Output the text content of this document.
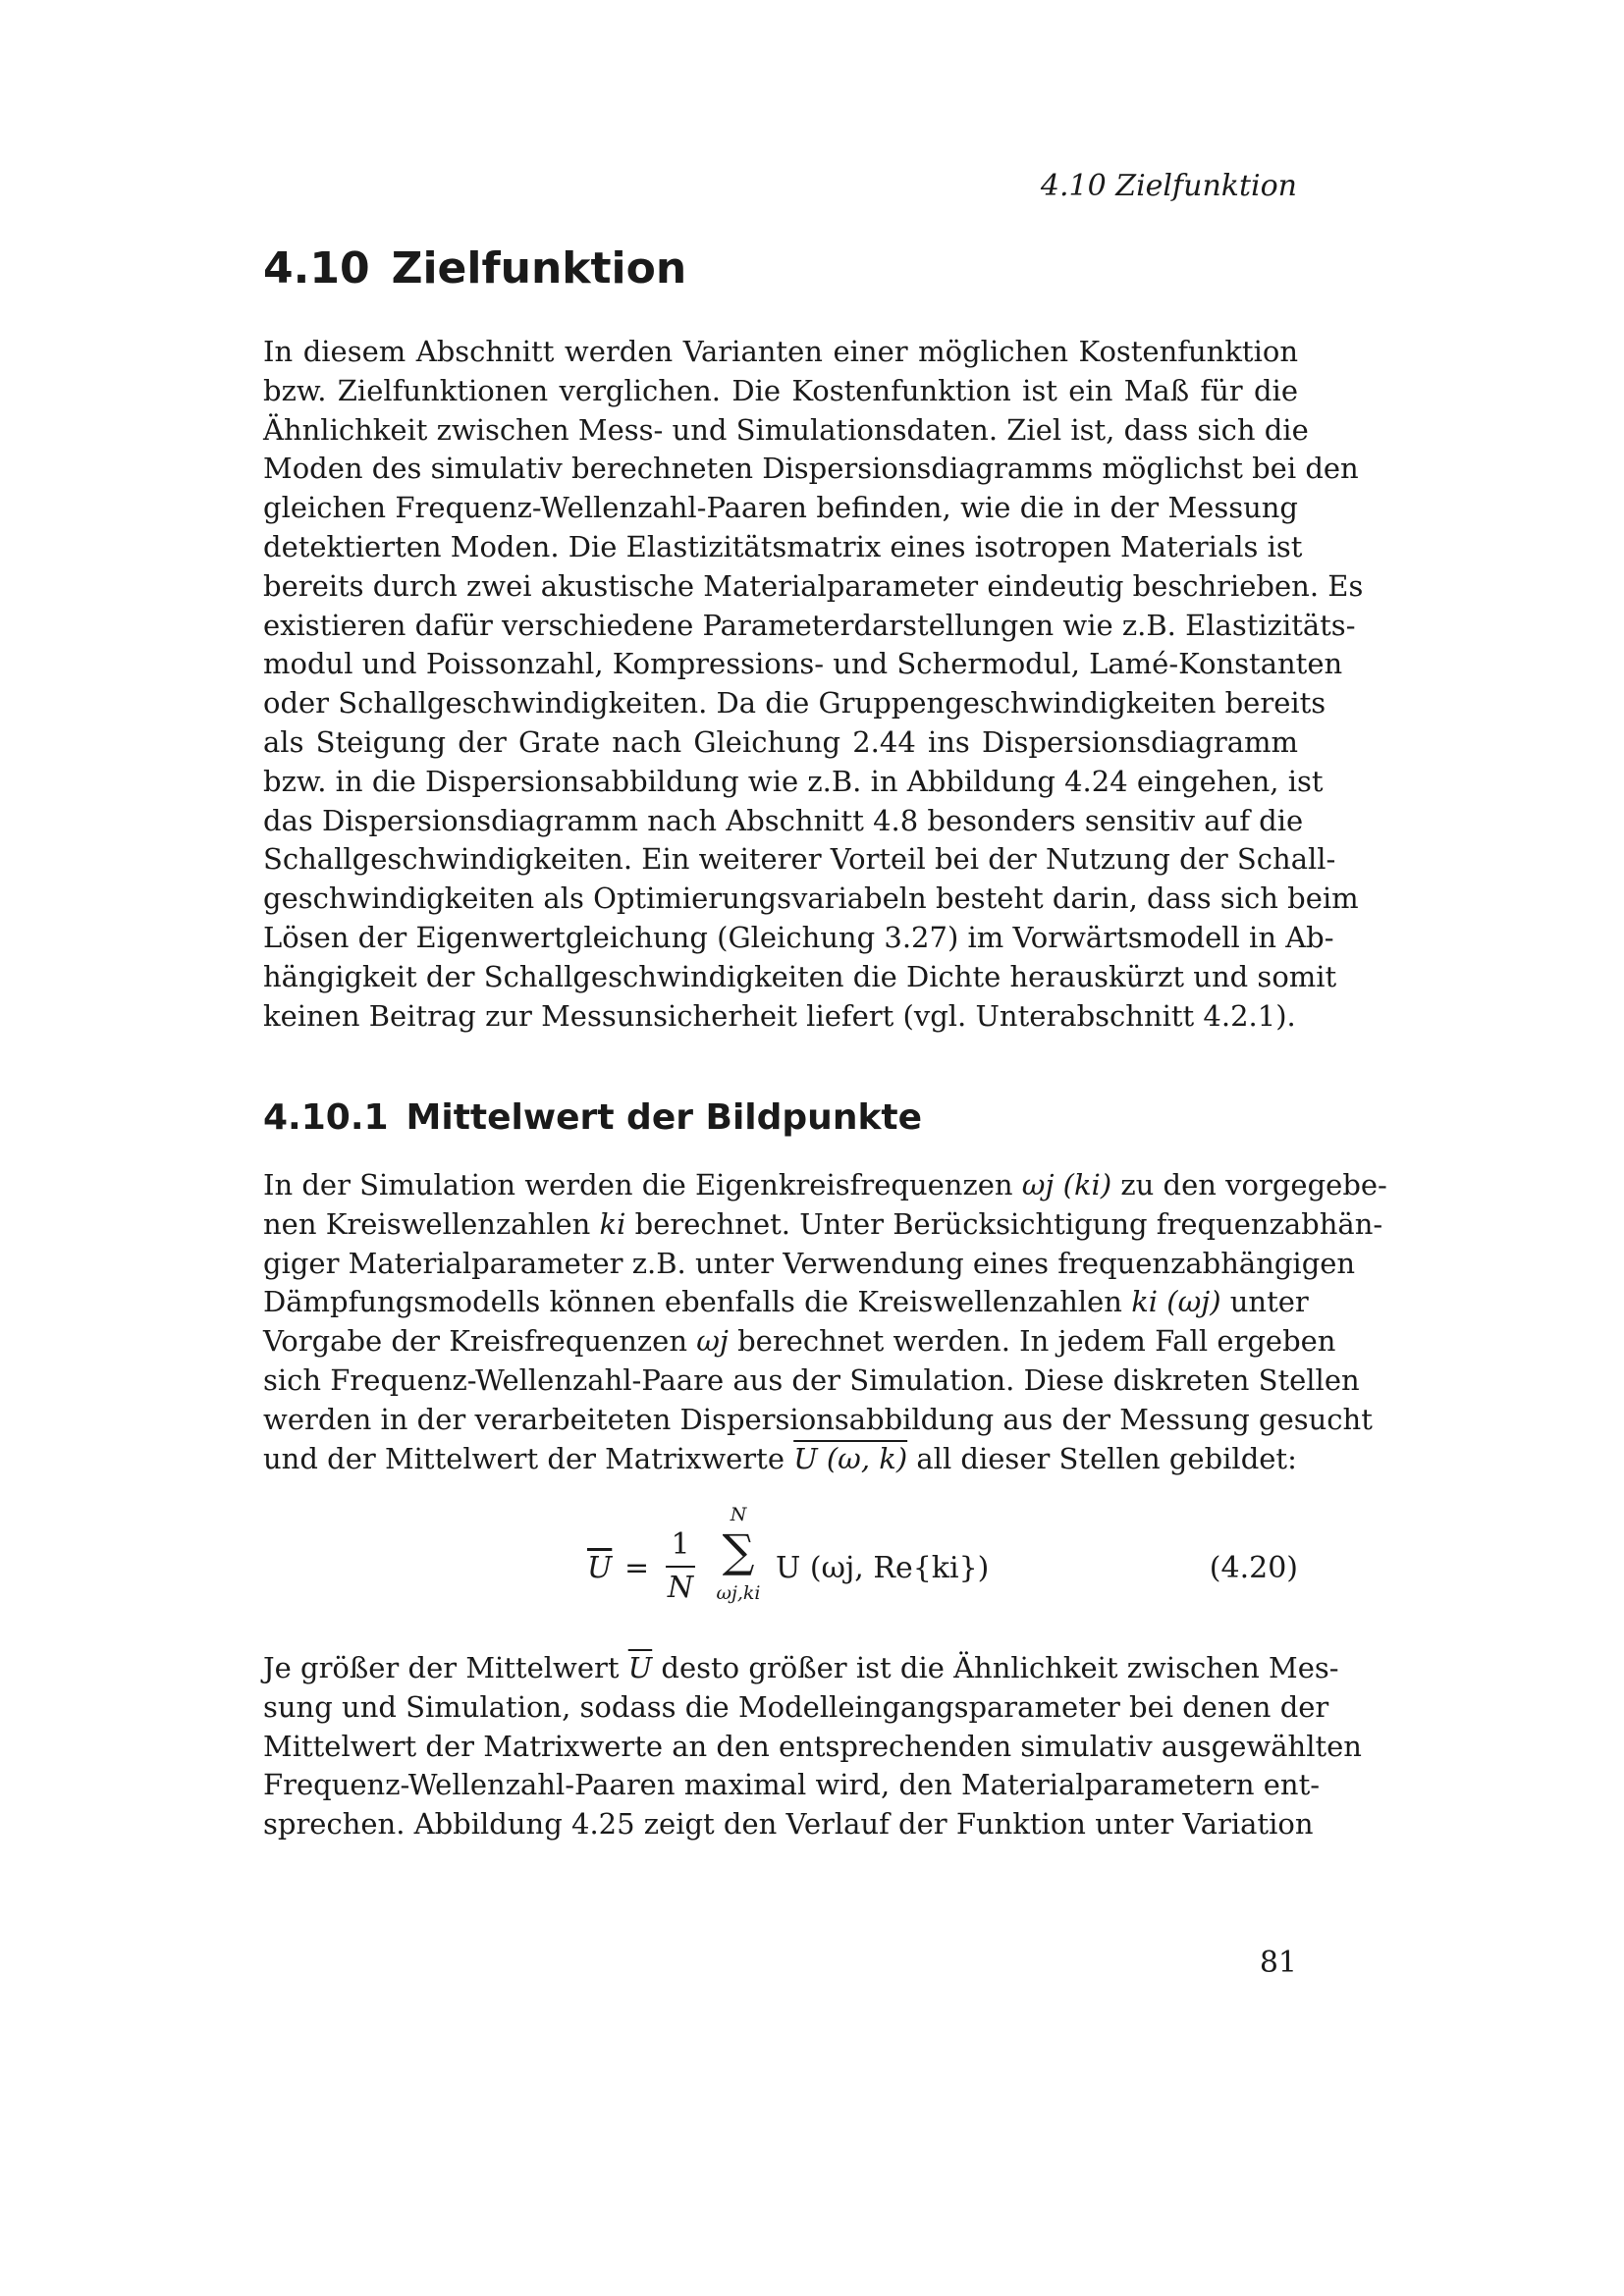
4.10 Zielfunktion
4.10 Zielfunktion
In diesem Abschnitt werden Varianten einer möglichen Kostenfunktion
bzw. Zielfunktionen verglichen. Die Kostenfunktion ist ein Maß für die
Ähnlichkeit zwischen Mess- und Simulationsdaten. Ziel ist, dass sich die
Moden des simulativ berechneten Dispersionsdiagramms möglichst bei den
gleichen Frequenz-Wellenzahl-Paaren befinden, wie die in der Messung
detektierten Moden. Die Elastizitätsmatrix eines isotropen Materials ist
bereits durch zwei akustische Materialparameter eindeutig beschrieben. Es
existieren dafür verschiedene Parameterdarstellungen wie z.B. Elastizitäts-
modul und Poissonzahl, Kompressions- und Schermodul, Lamé-Konstanten
oder Schallgeschwindigkeiten. Da die Gruppengeschwindigkeiten bereits
als Steigung der Grate nach Gleichung 2.44 ins Dispersionsdiagramm
bzw. in die Dispersionsabbildung wie z.B. in Abbildung 4.24 eingehen, ist
das Dispersionsdiagramm nach Abschnitt 4.8 besonders sensitiv auf die
Schallgeschwindigkeiten. Ein weiterer Vorteil bei der Nutzung der Schall-
geschwindigkeiten als Optimierungsvariabeln besteht darin, dass sich beim
Lösen der Eigenwertgleichung (Gleichung 3.27) im Vorwärtsmodell in Ab-
hängigkeit der Schallgeschwindigkeiten die Dichte herauskürzt und somit
keinen Beitrag zur Messunsicherheit liefert (vgl. Unterabschnitt 4.2.1).
4.10.1 Mittelwert der Bildpunkte
In der Simulation werden die Eigenkreisfrequenzen ωj (ki) zu den vorgegebe-
nen Kreiswellenzahlen ki berechnet. Unter Berücksichtigung frequenzabhän-
giger Materialparameter z.B. unter Verwendung eines frequenzabhängigen
Dämpfungsmodells können ebenfalls die Kreiswellenzahlen ki (ωj) unter
Vorgabe der Kreisfrequenzen ωj berechnet werden. In jedem Fall ergeben
sich Frequenz-Wellenzahl-Paare aus der Simulation. Diese diskreten Stellen
werden in der verarbeiteten Dispersionsabbildung aus der Messung gesucht
und der Mittelwert der Matrixwerte U (ω, k) all dieser Stellen gebildet:
$\overline{U}$ =
1
N
N
∑
ωj,ki
U (ωj, Re{ki})	(4.20)
Je größer der Mittelwert $\overline{U}$ desto größer ist die Ähnlichkeit zwischen Mes-
sung und Simulation, sodass die Modelleingangsparameter bei denen der
Mittelwert der Matrixwerte an den entsprechenden simulativ ausgewählten
Frequenz-Wellenzahl-Paaren maximal wird, den Materialparametern ent-
sprechen. Abbildung 4.25 zeigt den Verlauf der Funktion unter Variation
81
